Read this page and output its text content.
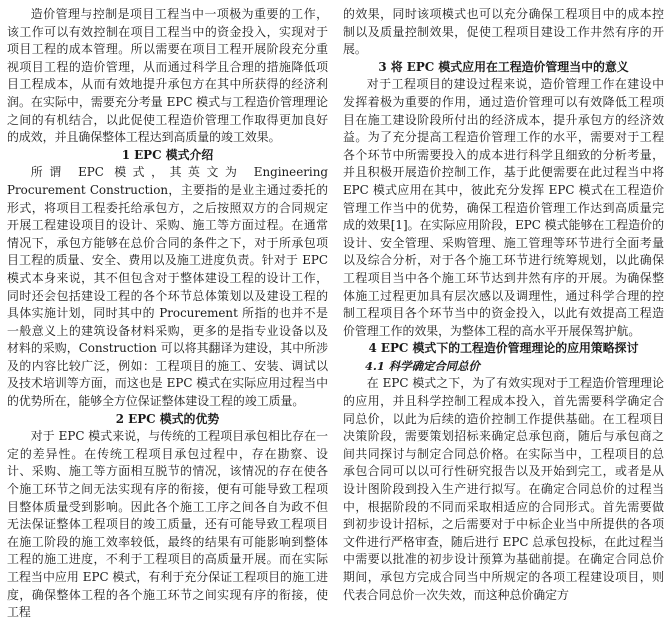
造价管理与控制是项目工程当中一项极为重要的工作，该工作可以有效控制在项目工程当中的资金投入，实现对于项目工程的成本管理。所以需要在项目工程开展阶段充分重视项目工程的造价管理，从而通过科学且合理的措施降低项目工程成本，从而有效地提升承包方在其中所获得的经济利润。在实际中，需要充分考量 EPC 模式与工程造价管理理论之间的有机结合，以此促使工程造价管理工作取得更加良好的成效，并且确保整体工程达到高质量的竣工效果。

1 EPC 模式介绍

所谓 EPC 模式，其英文为 Engineering Procurement Construction，主要指的是业主通过委托的形式，将项目工程委托给承包方，之后按照双方的合同规定开展工程建设项目的设计、采购、施工等方面过程。在通常情况下，承包方能够在总价合同的条件之下，对于所承包项目工程的质量、安全、费用以及施工进度负责。针对于 EPC 模式本身来说，其不但包含对于整体建设工程的设计工作，同时还会包括建设工程的各个环节总体策划以及建设工程的具体实施计划，同时其中的 Procurement 所指的也并不是一般意义上的建筑设备材料采购，更多的是指专业设备以及材料的采购，Construction 可以将其翻译为建设，其中所涉及的内容比较广泛，例如：工程项目的施工、安装、调试以及技术培训等方面，而这也是 EPC 模式在实际应用过程当中的优势所在，能够全方位保证整体建设工程的竣工质量。

2 EPC 模式的优势

对于 EPC 模式来说，与传统的工程项目承包相比存在一定的差异性。在传统工程项目承包过程中，存在勘察、设计、采购、施工等方面相互脱节的情况，该情况的存在使各个施工环节之间无法实现有序的衔接，便有可能导致工程项目整体质量受到影响。因此各个施工工序之间各自为政不但无法保证整体工程项目的竣工质量，还有可能导致工程项目在施工阶段的施工效率较低，最终的结果有可能影响到整体工程的施工进度，不利于工程项目的高质量开展。而在实际工程当中应用 EPC 模式，有利于充分保证工程项目的施工进度，确保整体工程的各个施工环节之间实现有序的衔接，使工程

的效果，同时该项模式也可以充分确保工程项目中的成本控制以及质量控制效果，促使工程项目建设工作井然有序的开展。

3 将 EPC 模式应用在工程造价管理当中的意义

对于工程项目的建设过程来说，造价管理工作在建设中发挥着极为重要的作用，通过造价管理可以有效降低工程项目在施工建设阶段所付出的经济成本，提升承包方的经济效益。为了充分提高工程造价管理工作的水平，需要对于工程各个环节中所需要投入的成本进行科学且细致的分析考量，并且积极开展造价控制工作，基于此便需要在此过程当中将 EPC 模式应用在其中，彼此充分发挥 EPC 模式在工程造价管理工作当中的优势，确保工程造价管理工作达到高质量完成的效果[1]。在实际应用阶段，EPC 模式能够在工程造价的设计、安全管理、采购管理、施工管理等环节进行全面考量以及综合分析，对于各个施工环节进行统筹规划，以此确保工程项目当中各个施工环节达到井然有序的开展。为确保整体施工过程更加具有层次感以及调理性，通过科学合理的控制工程项目各个环节当中的资金投入，以此有效提高工程造价管理工作的效果，为整体工程的高水平开展保驾护航。

4 EPC 模式下的工程造价管理理论的应用策略探讨
4.1 科学确定合同总价

在 EPC 模式之下，为了有效实现对于工程造价管理理论的应用，并且科学控制工程成本投入，首先需要科学确定合同总价，以此为后续的造价控制工作提供基础。在工程项目决策阶段，需要策划招标来确定总承包商，随后与承包商之间共同探讨与制定合同总价格。在实际当中，工程项目的总承包合同可以以可行性研究报告以及开始到完工，或者是从设计图阶段到投入生产进行拟写。在确定合同总价的过程当中，根据阶段的不同而采取相适应的合同形式。首先需要做到初步设计招标，之后需要对于中标企业当中所提供的各项文件进行严格审查，随后进行 EPC 总承包投标，在此过程当中需要以批准的初步设计预算为基础前提。在确定合同总价期间，承包方完成合同当中所规定的各项工程建设项目，则代表合同总价一次失效，而这种总价确定方
